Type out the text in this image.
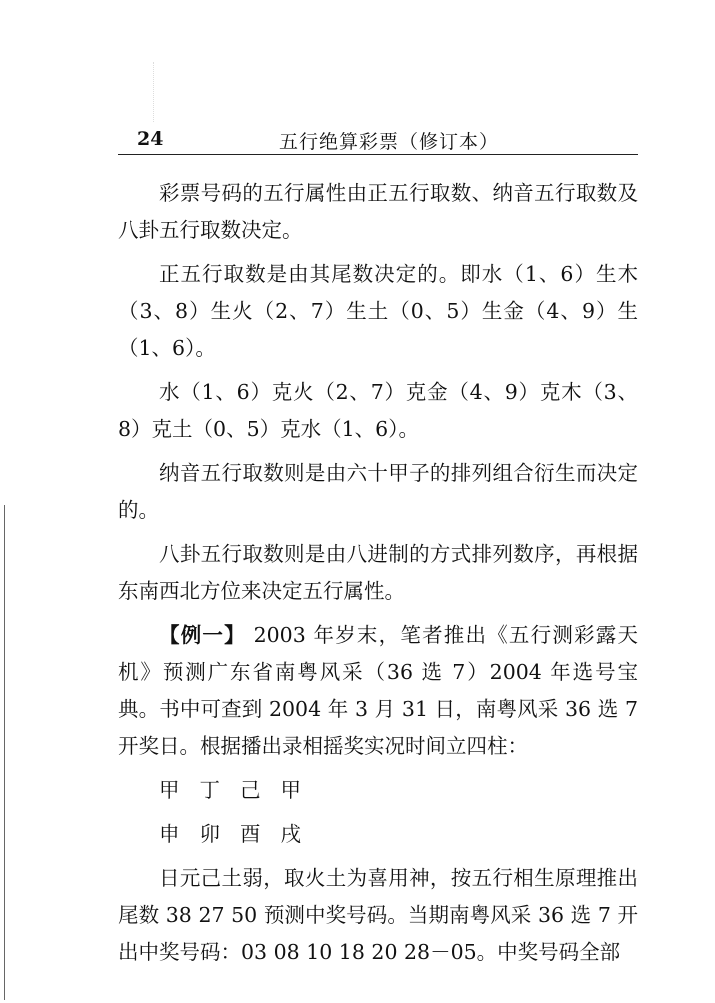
24	五行绝算彩票（修订本）

彩票号码的五行属性由正五行取数、纳音五行取数及八卦五行取数决定。

正五行取数是由其尾数决定的。即水（1、6）生木（3、8）生火（2、7）生土（0、5）生金（4、9）生（1、6）。

水（1、6）克火（2、7）克金（4、9）克木（3、8）克土（0、5）克水（1、6）。

纳音五行取数则是由六十甲子的排列组合衍生而决定的。

八卦五行取数则是由八进制的方式排列数序，再根据东南西北方位来决定五行属性。

【例一】 2003 年岁末，笔者推出《五行测彩露天机》预测广东省南粤风采（36 选 7）2004 年选号宝典。书中可查到 2004 年 3 月 31 日，南粤风采 36 选 7 开奖日。根据播出录相摇奖实况时间立四柱：

甲 丁 己 甲
申 卯 酉 戌

日元己土弱，取火土为喜用神，按五行相生原理推出尾数 38 27 50 预测中奖号码。当期南粤风采 36 选 7 开出中奖号码：03 08 10 18 20 28－05。中奖号码全部
